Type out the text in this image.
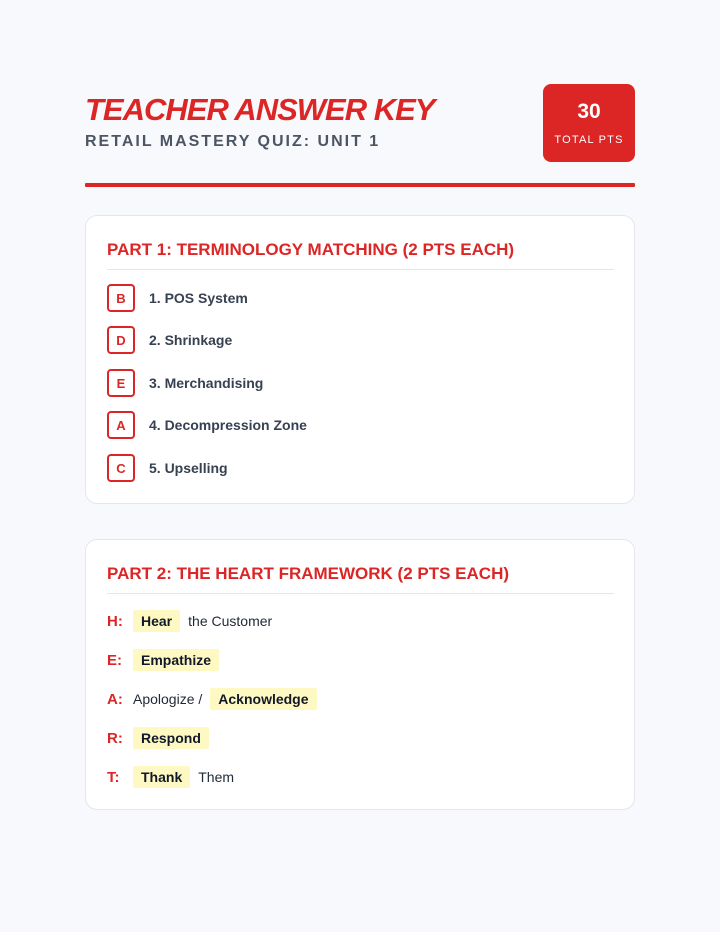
TEACHER ANSWER KEY
RETAIL MASTERY QUIZ: UNIT 1
30
TOTAL PTS
PART 1: TERMINOLOGY MATCHING (2 PTS EACH)
B	1. POS System
D	2. Shrinkage
E	3. Merchandising
A	4. Decompression Zone
C	5. Upselling
PART 2: THE HEART FRAMEWORK (2 PTS EACH)
H:	Hear	the Customer
E:	Empathize
A: Apologize /	Acknowledge
R:	Respond
T:	Thank	Them
